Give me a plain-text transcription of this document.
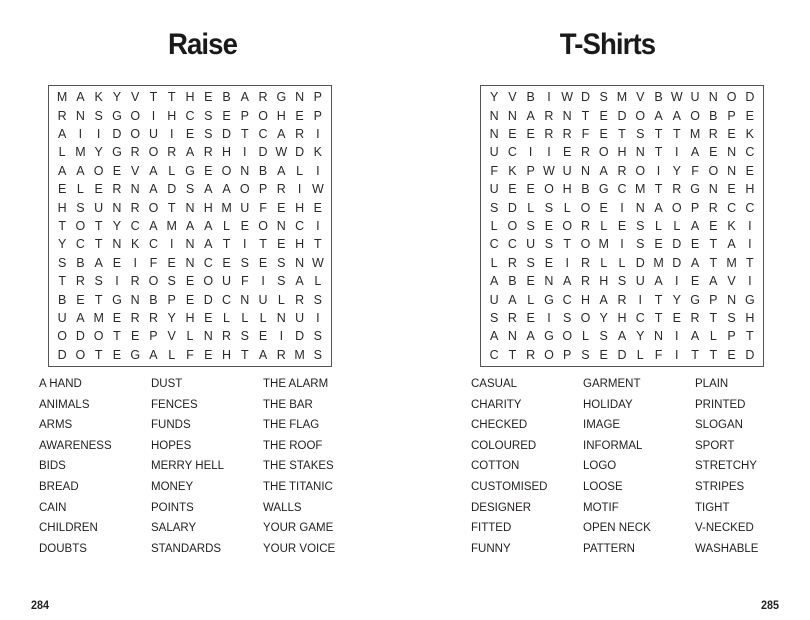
Raise
M A K Y V T T H E B A R G N P
R N S G O I H C S E P O H E P
A I	I D O U I E S D T C A R I
L M Y G R O R A R H I D W D K
A A O E V A L G E O N B A L	I
E L E R N A D S A A O P R I W
H S U N R O T N H M U F E H E
T O T Y C A M A A L E O N C I
Y C T N K C I N A T	I	T E H T
S B A E I	F E N C E S E S N W
T R S I R O S E O U F	I S A L
B E T G N B P E D C N U L R S
U A M E R R Y H E L L L N U I
O D O T E P V L N R S E I D S
D O T E G A L F E H T A R M S
A HAND	DUST	THE ALARM
ANIMALS	FENCES	THE BAR
ARMS	FUNDS	THE FLAG
AWARENESS	HOPES	THE ROOF
BIDS	MERRY HELL	THE STAKES
BREAD	MONEY	THE TITANIC
CAIN	POINTS	WALLS
CHILDREN	SALARY	YOUR GAME
DOUBTS	STANDARDS	YOUR VOICE
284
T-Shirts
Y V B I W D S M V B W U N O D
N N A R N T E D O A A O B P E
N E E R R F E T S T T M R E K
U C I	I E R O H N T	I A E N C
F K P W U N A R O I Y F O N E
U E E O H B G C M T R G N E H
S D L S L O E I N A O P R C C
L O S E O R L E S L L A E K I
C C U S T O M I S E D E T A I
L R S E I R L L D M D A T M T
A B E N A R H S U A I E A V I
U A L G C H A R I	T Y G P N G
S R E I S O Y H C T E R T S H
A N A G O L S A Y N I A L P T
C T R O P S E D L F	I	T T E D
CASUAL	GARMENT	PLAIN
CHARITY	HOLIDAY	PRINTED
CHECKED	IMAGE	SLOGAN
COLOURED	INFORMAL	SPORT
COTTON	LOGO	STRETCHY
CUSTOMISED	LOOSE	STRIPES
DESIGNER	MOTIF	TIGHT
FITTED	OPEN NECK	V-NECKED
FUNNY	PATTERN	WASHABLE
285
